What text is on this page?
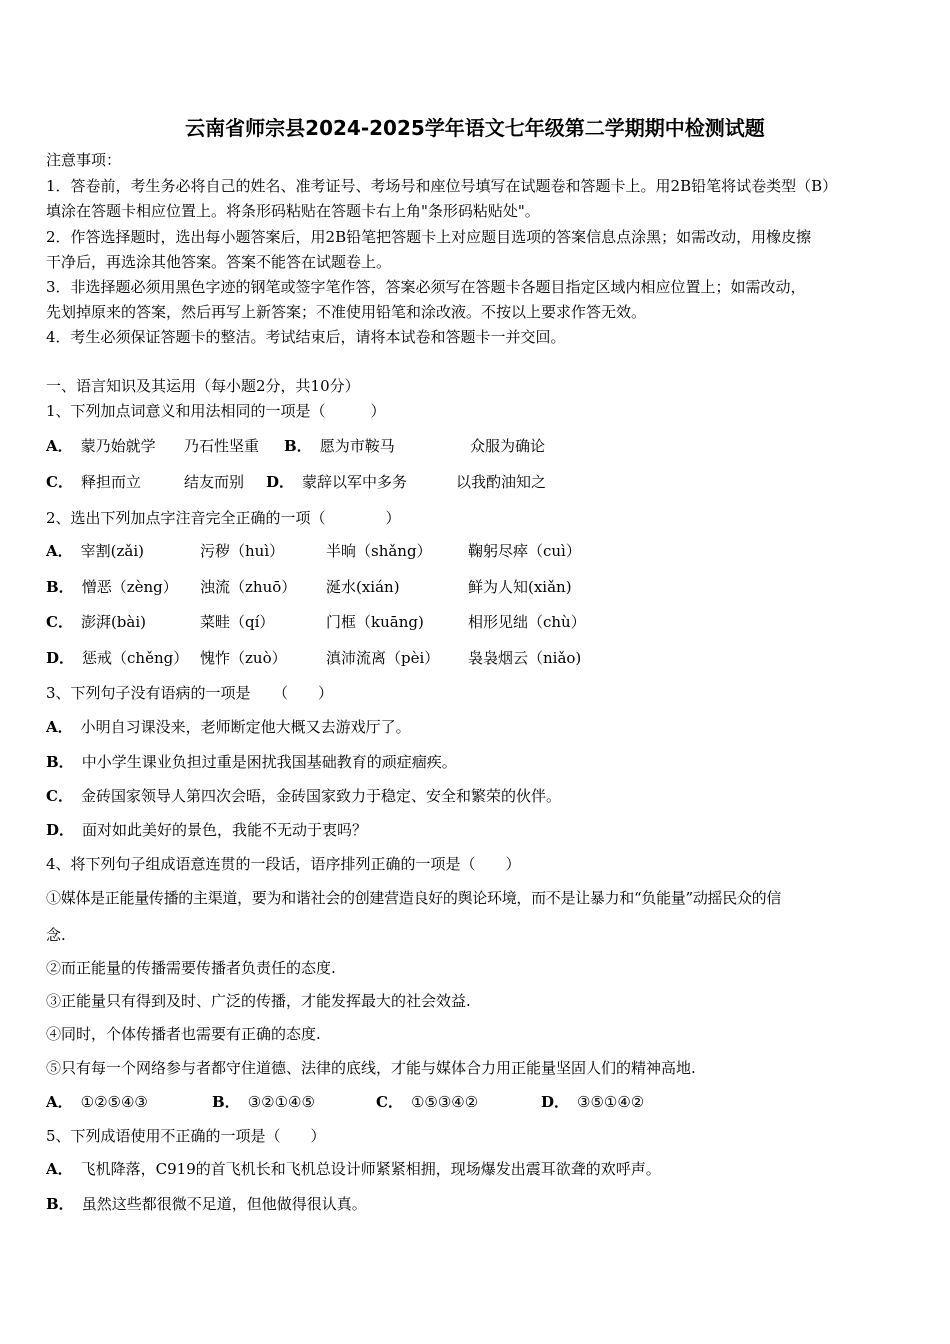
云南省师宗县2024-2025学年语文七年级第二学期期中检测试题
注意事项：
1．答卷前，考生务必将自己的姓名、准考证号、考场号和座位号填写在试题卷和答题卡上。用2B铅笔将试卷类型（B）
填涂在答题卡相应位置上。将条形码粘贴在答题卡右上角"条形码粘贴处"。
2．作答选择题时，选出每小题答案后，用2B铅笔把答题卡上对应题目选项的答案信息点涂黑；如需改动，用橡皮擦
干净后，再选涂其他答案。答案不能答在试题卷上。
3．非选择题必须用黑色字迹的钢笔或签字笔作答，答案必须写在答题卡各题目指定区域内相应位置上；如需改动，
先划掉原来的答案，然后再写上新答案；不准使用铅笔和涂改液。不按以上要求作答无效。
4．考生必须保证答题卡的整洁。考试结束后，请将本试卷和答题卡一并交回。
一、语言知识及其运用（每小题2分，共10分）
1、下列加点词意义和用法相同的一项是（　　　）
A． 蒙乃始就学 乃石性坚重 B． 愿为市鞍马	众服为确论
C． 释担而立	结友而别 D． 蒙辞以军中多务	以我酌油知之
2、选出下列加点字注音完全正确的一项（　　　　）
A． 宰割(zǎi)	污秽（huì）	半晌（shǎng） 鞠躬尽瘁（cuì）
B． 憎恶（zèng） 浊流（zhuō） 涎水(xián)	鲜为人知(xiǎn)
C． 澎湃(bài)	菜畦（qí）	门框（kuāng)	相形见绌（chù）
D． 惩戒（chěng） 愧怍（zuò）	滇沛流离（pèi） 袅袅烟云（niǎo)
3、下列句子没有语病的一项是　　（　　）
A． 小明自习课没来，老师断定他大概又去游戏厅了。
B． 中小学生课业负担过重是困扰我国基础教育的顽症痼疾。
C． 金砖国家领导人第四次会晤，金砖国家致力于稳定、安全和繁荣的伙伴。
D． 面对如此美好的景色，我能不无动于衷吗？
4、将下列句子组成语意连贯的一段话，语序排列正确的一项是（　　）
①媒体是正能量传播的主渠道，要为和谐社会的创建营造良好的舆论环境，而不是让暴力和“负能量”动摇民众的信
念.
②而正能量的传播需要传播者负责任的态度.
③正能量只有得到及时、广泛的传播，才能发挥最大的社会效益.
④同时，个体传播者也需要有正确的态度.
⑤只有每一个网络参与者都守住道德、法律的底线，才能与媒体合力用正能量坚固人们的精神高地.
A． ①②⑤④③	B． ③②①④⑤	C． ①⑤③④②	D． ③⑤①④②
5、下列成语使用不正确的一项是（　　）
A． 飞机降落，C919的首飞机长和飞机总设计师紧紧相拥，现场爆发出震耳欲聋的欢呼声。
B． 虽然这些都很微不足道，但他做得很认真。
